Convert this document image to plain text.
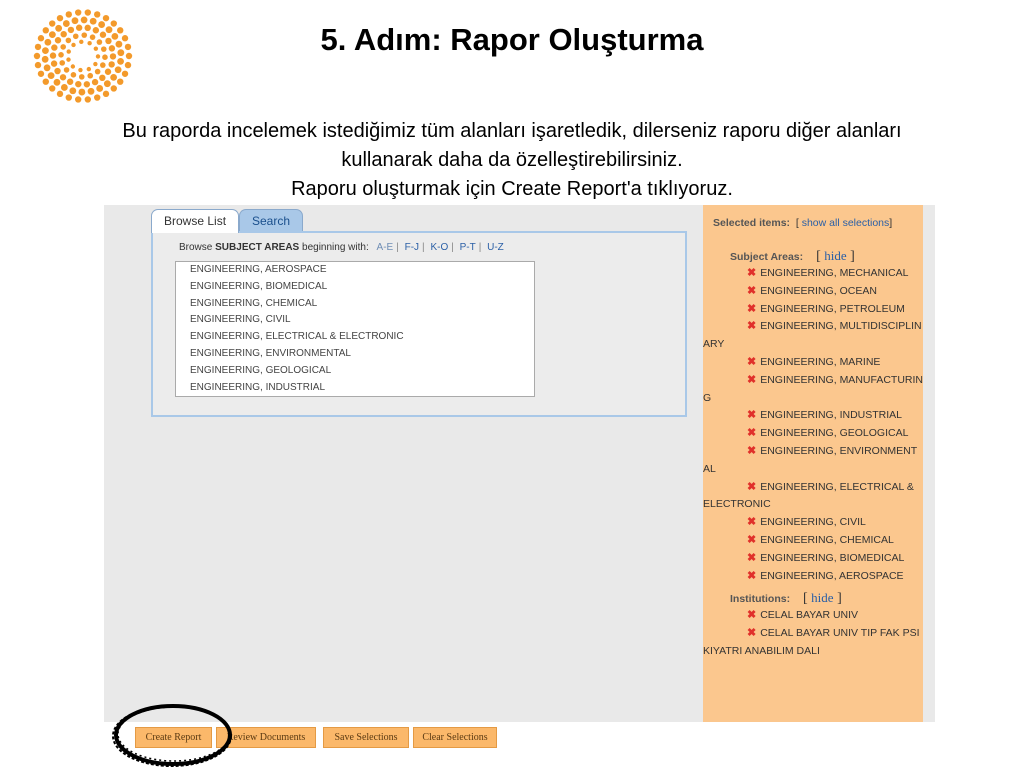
5. Adım: Rapor Oluşturma
Bu raporda incelemek istediğimiz tüm alanları işaretledik, dilerseniz raporu diğer alanları
kullanarak daha da özelleştirebilirsiniz.
Raporu oluşturmak için Create Report'a tıklıyoruz.
Browse List	Search
Browse SUBJECT AREAS beginning with: A-E | F-J | K-O | P-T | U-Z
ENGINEERING, AEROSPACE
ENGINEERING, BIOMEDICAL
ENGINEERING, CHEMICAL
ENGINEERING, CIVIL
ENGINEERING, ELECTRICAL & ELECTRONIC
ENGINEERING, ENVIRONMENTAL
ENGINEERING, GEOLOGICAL
ENGINEERING, INDUSTRIAL
Selected items:  [ show all selections]
Subject Areas: [ hide ]
✖ ENGINEERING, MECHANICAL
✖ ENGINEERING, OCEAN
✖ ENGINEERING, PETROLEUM
✖ ENGINEERING, MULTIDISCIPLINARY
✖ ENGINEERING, MARINE
✖ ENGINEERING, MANUFACTURING
✖ ENGINEERING, INDUSTRIAL
✖ ENGINEERING, GEOLOGICAL
✖ ENGINEERING, ENVIRONMENTAL
✖ ENGINEERING, ELECTRICAL & ELECTRONIC
✖ ENGINEERING, CIVIL
✖ ENGINEERING, CHEMICAL
✖ ENGINEERING, BIOMEDICAL
✖ ENGINEERING, AEROSPACE
Institutions: [ hide ]
✖ CELAL BAYAR UNIV
✖ CELAL BAYAR UNIV TIP FAK PSIKIYATRI ANABILIM DALI
Create Report	Review Documents	Save Selections	Clear Selections
